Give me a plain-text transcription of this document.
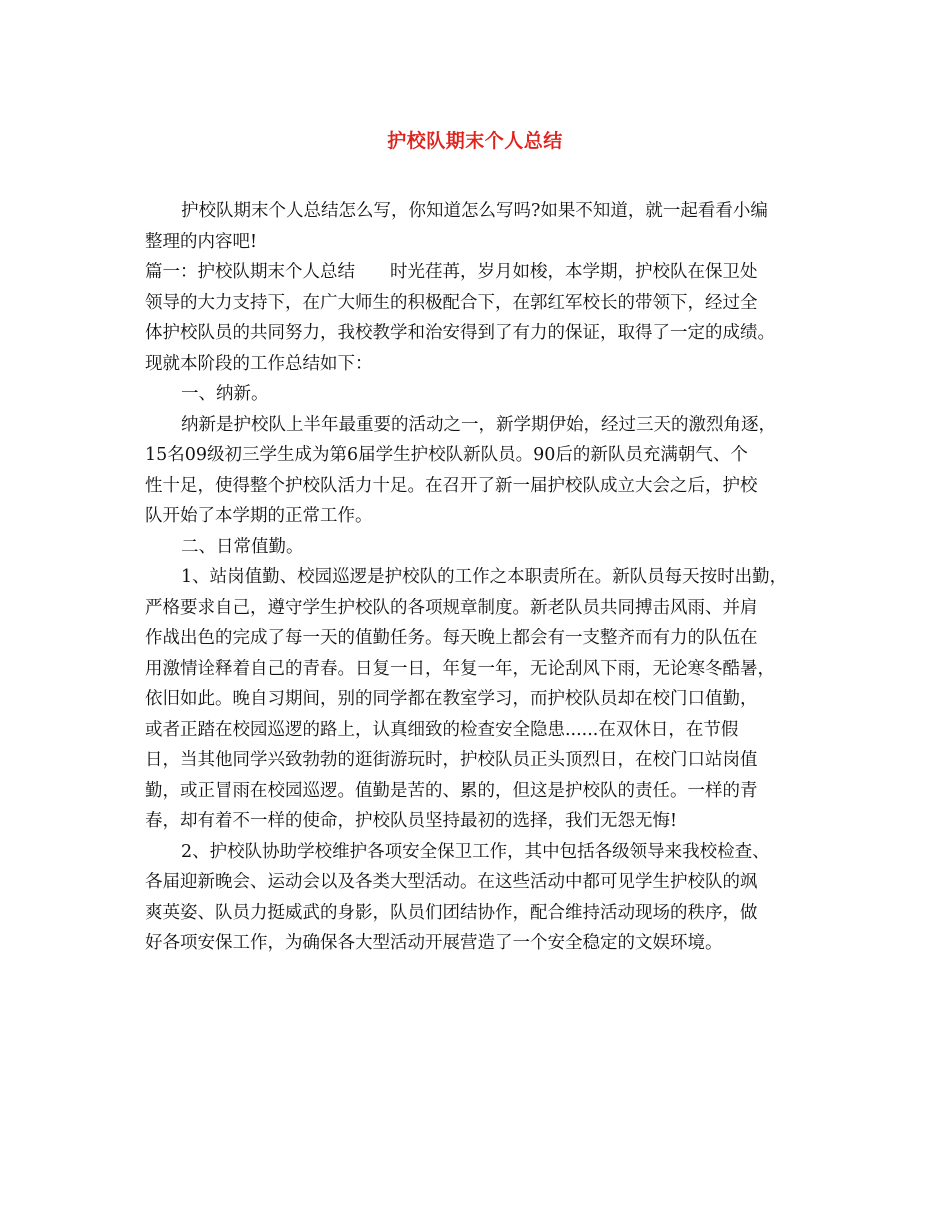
护校队期末个人总结
护校队期末个人总结怎么写，你知道怎么写吗?如果不知道，就一起看看小编
整理的内容吧!
篇一：护校队期末个人总结　　时光荏苒，岁月如梭，本学期，护校队在保卫处
领导的大力支持下，在广大师生的积极配合下，在郭红军校长的带领下，经过全
体护校队员的共同努力，我校教学和治安得到了有力的保证，取得了一定的成绩。
现就本阶段的工作总结如下：
一、纳新。
纳新是护校队上半年最重要的活动之一，新学期伊始，经过三天的激烈角逐，
15名09级初三学生成为第6届学生护校队新队员。90后的新队员充满朝气、个
性十足，使得整个护校队活力十足。在召开了新一届护校队成立大会之后，护校
队开始了本学期的正常工作。
二、日常值勤。
1、站岗值勤、校园巡逻是护校队的工作之本职责所在。新队员每天按时出勤，
严格要求自己，遵守学生护校队的各项规章制度。新老队员共同搏击风雨、并肩
作战出色的完成了每一天的值勤任务。每天晚上都会有一支整齐而有力的队伍在
用激情诠释着自己的青春。日复一日，年复一年，无论刮风下雨，无论寒冬酷暑，
依旧如此。晚自习期间，别的同学都在教室学习，而护校队员却在校门口值勤，
或者正踏在校园巡逻的路上，认真细致的检查安全隐患......在双休日，在节假
日，当其他同学兴致勃勃的逛街游玩时，护校队员正头顶烈日，在校门口站岗值
勤，或正冒雨在校园巡逻。值勤是苦的、累的，但这是护校队的责任。一样的青
春，却有着不一样的使命，护校队员坚持最初的选择，我们无怨无悔!
2、护校队协助学校维护各项安全保卫工作，其中包括各级领导来我校检查、
各届迎新晚会、运动会以及各类大型活动。在这些活动中都可见学生护校队的飒
爽英姿、队员力挺威武的身影，队员们团结协作，配合维持活动现场的秩序，做
好各项安保工作，为确保各大型活动开展营造了一个安全稳定的文娱环境。
